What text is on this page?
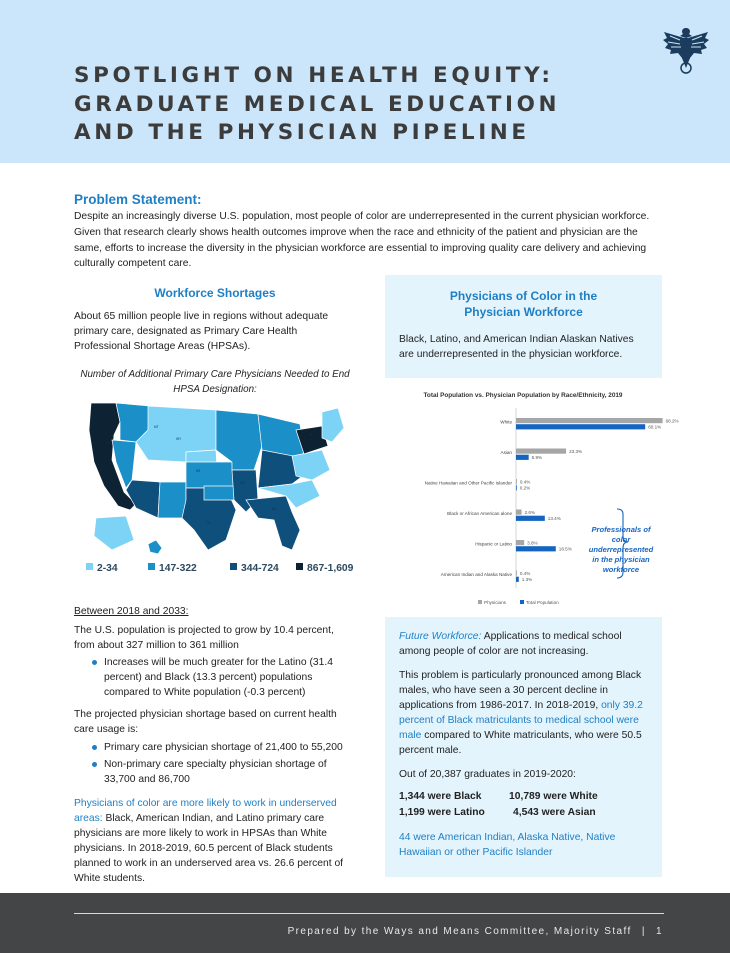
SPOTLIGHT ON HEALTH EQUITY:
GRADUATE MEDICAL EDUCATION
AND THE PHYSICIAN PIPELINE
Problem Statement:
Despite an increasingly diverse U.S. population, most people of color are underrepresented in the current physician workforce. Given that research clearly shows health outcomes improve when the race and ethnicity of the patient and physician are the same, efforts to increase the diversity in the physician workforce are essential to improving quality care delivery and achieving culturally competent care.
Workforce Shortages
About 65 million people live in regions without adequate primary care, designated as Primary Care Health Professional Shortage Areas (HPSAs).
Number of Additional Primary Care Physicians Needed to End HPSA Designation:
CA
MT
WY
KS
TX
MS
GA
NY
2-34	147-322	344-724	867-1,609
Between 2018 and 2033:
The U.S. population is projected to grow by 10.4 percent, from about 327 million to 361 million
Increases will be much greater for the Latino (31.4 percent) and Black (13.3 percent) populations compared to White population (-0.3 percent)
The projected physician shortage based on current health care usage is:
Primary care physician shortage of 21,400 to 55,200
Non-primary care specialty physician shortage of 33,700 and 86,700
Physicians of color are more likely to work in underserved areas: Black, American Indian, and Latino primary care physicians are more likely to work in HPSAs than White physicians. In 2018-2019, 60.5 percent of Black students planned to work in an underserved area vs. 26.6 percent of White students.
Physicians of Color in the
Physician Workforce
Black, Latino, and American Indian Alaskan Natives are underrepresented in the physician workforce.
Total Population vs. Physician Population by Race/Ethnicity, 2019
White	68.2%
60.1%
Asian	23.3%
5.9%
Native Hawaiian and Other Pacific Islander 0.4%
0.2%
Black or African American alone	2.6%
13.4%
Hispanic or Latino	3.8%
18.5%
American Indian and Alaska Native 0.4%
1.3%
Professionals of
color
underrepresented
in the physician
workforce
Physicians	Total Population
Future Workforce: Applications to medical school among people of color are not increasing.
This problem is particularly pronounced among Black males, who have seen a 30 percent decline in applications from 1986-2017. In 2018-2019, only 39.2 percent of Black matriculants to medical school were male compared to White matriculants, who were 50.5 percent male.
Out of 20,387 graduates in 2019-2020:
1,344 were Black	10,789 were White
1,199 were Latino	4,543 were Asian
44 were American Indian, Alaska Native, Native Hawaiian or other Pacific Islander
Prepared by the Ways and Means Committee, Majority Staff | 1
